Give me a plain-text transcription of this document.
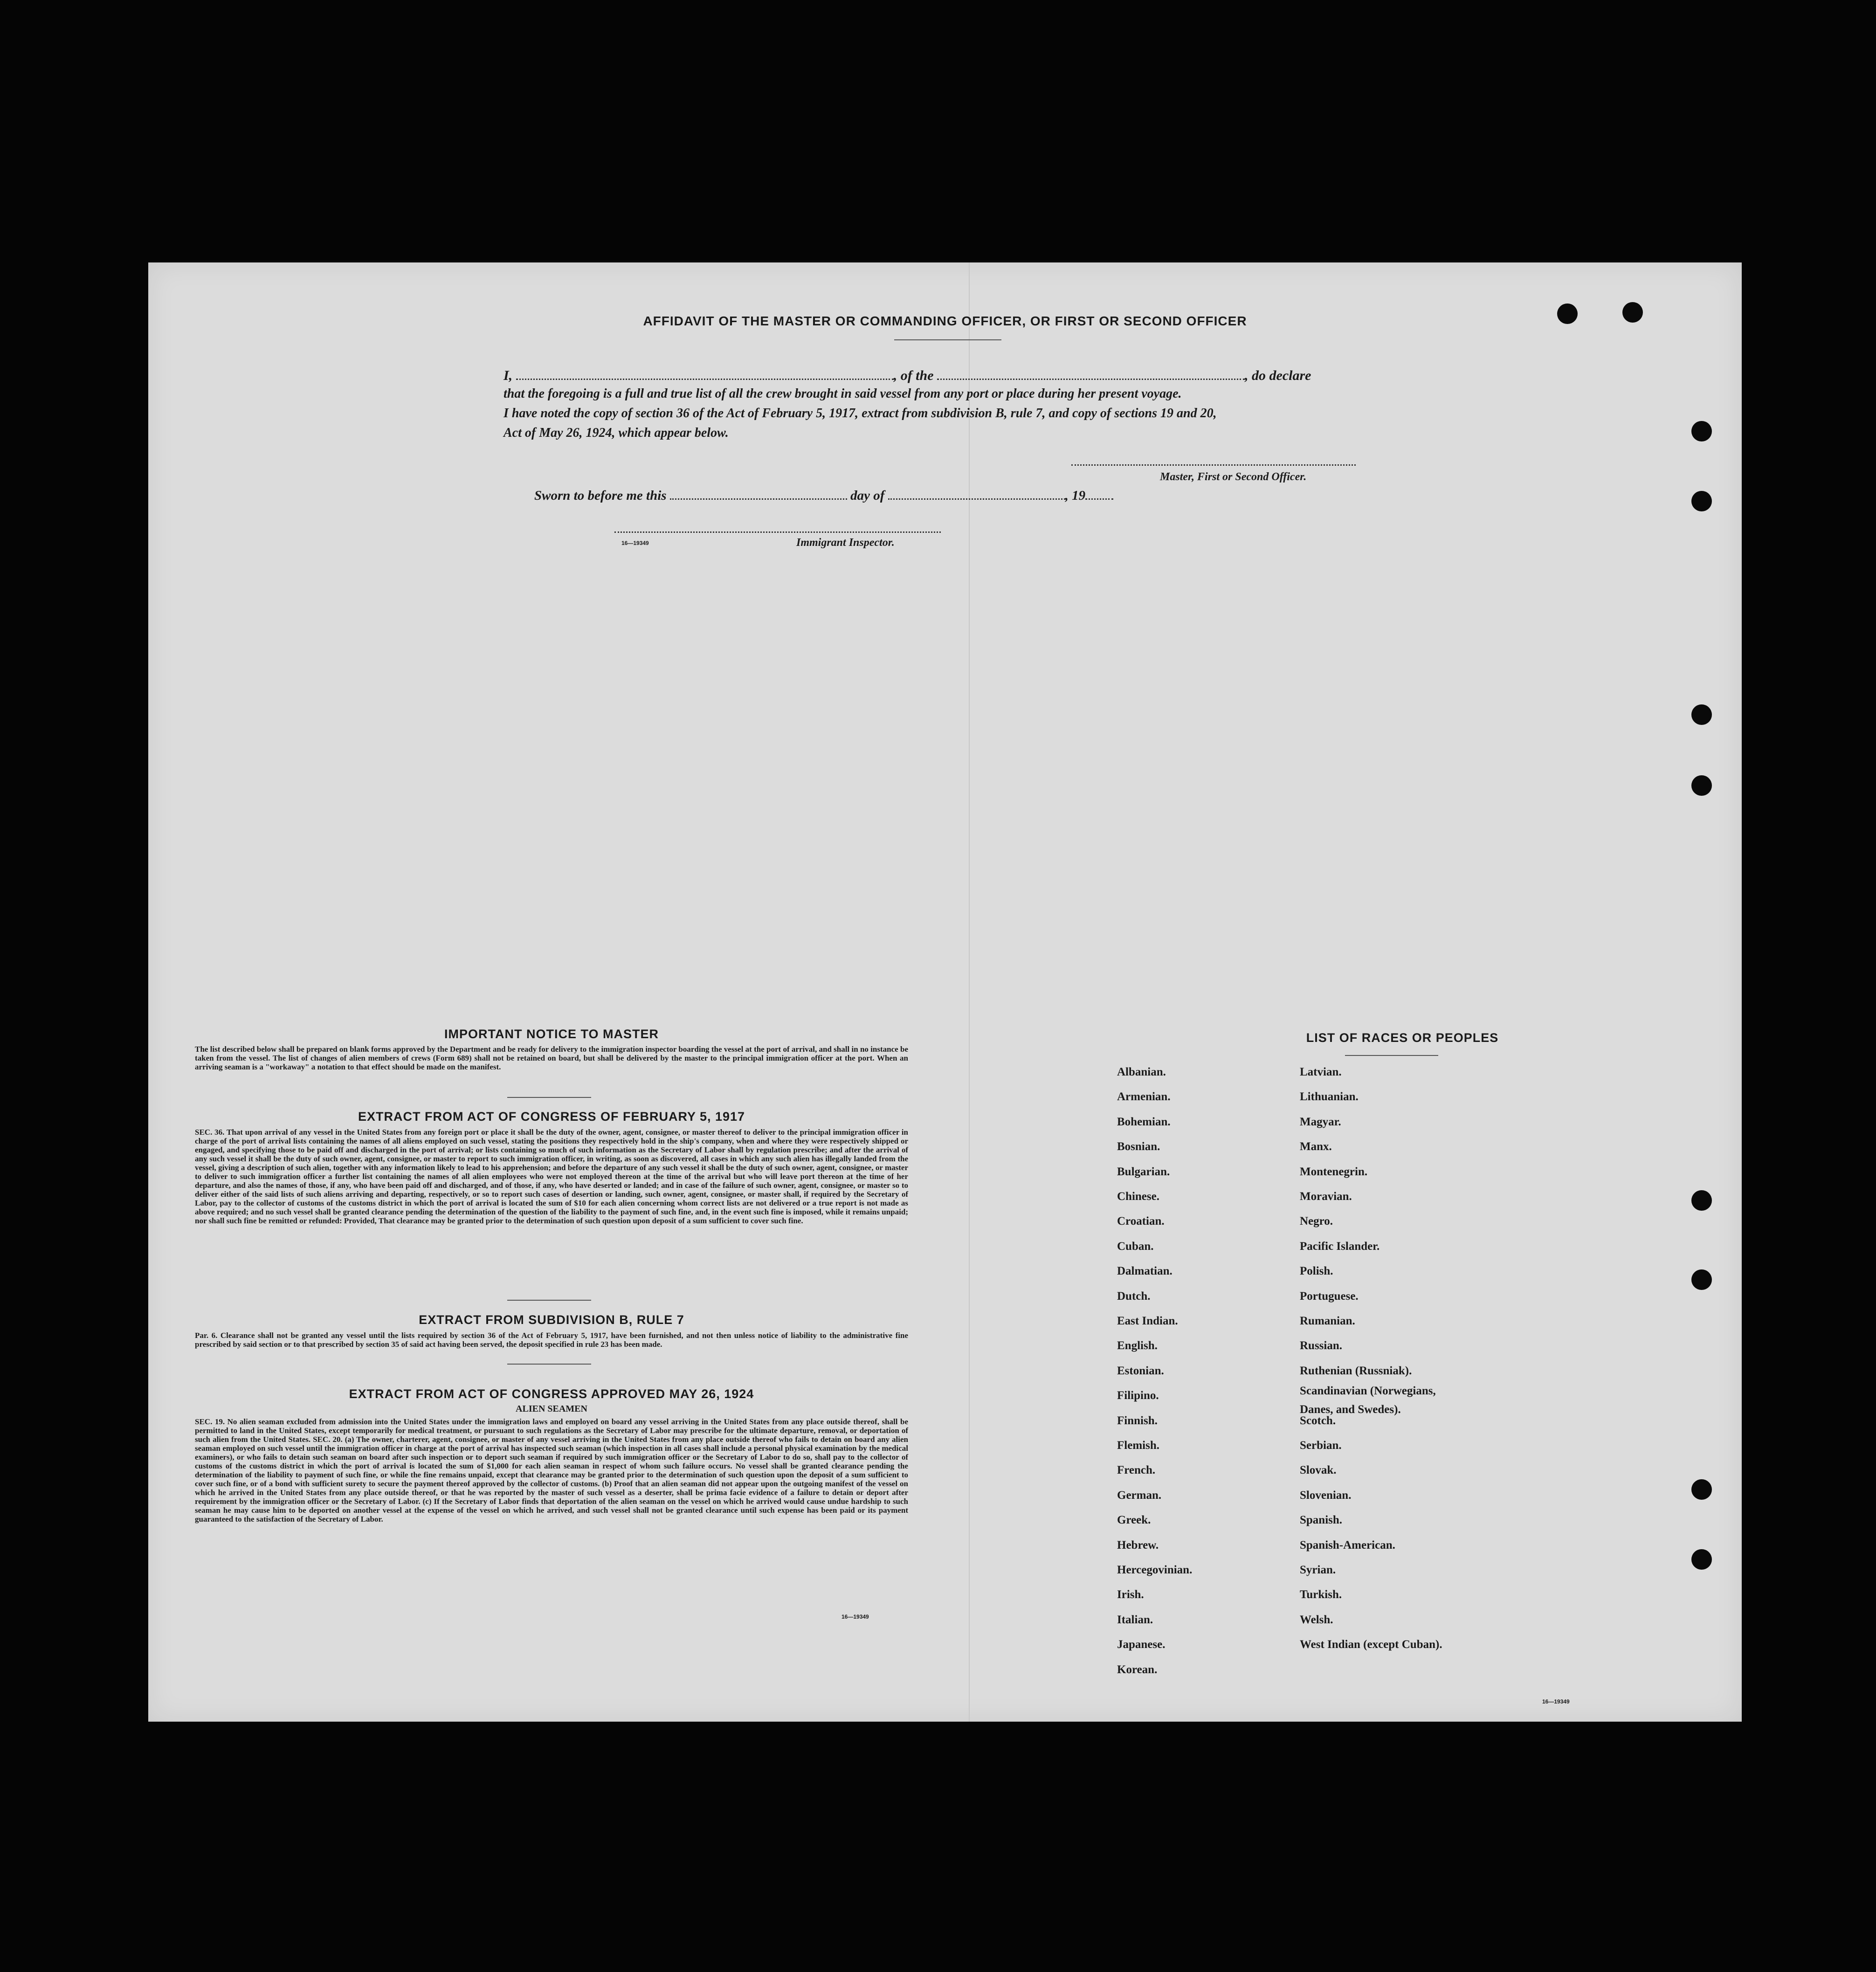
AFFIDAVIT OF THE MASTER OR COMMANDING OFFICER, OR FIRST OR SECOND OFFICER
I,	, of the	, do declare
that the foregoing is a full and true list of all the crew brought in said vessel from any port or place during her present voyage.
I have noted the copy of section 36 of the Act of February 5, 1917, extract from subdivision B, rule 7, and copy of sections 19 and 20,
Act of May 26, 1924, which appear below.
Master, First or Second Officer.
Sworn to before me this	day of	, 19
16—19349	Immigrant Inspector.
IMPORTANT NOTICE TO MASTER
The list described below shall be prepared on blank forms approved by the Department and be ready for delivery to the immigration inspector boarding the vessel at the port of arrival, and shall in no instance be taken from the vessel. The list of changes of alien members of crews (Form 689) shall not be retained on board, but shall be delivered by the master to the principal immigration officer at the port. When an arriving seaman is a "workaway" a notation to that effect should be made on the manifest.
EXTRACT FROM ACT OF CONGRESS OF FEBRUARY 5, 1917
SEC. 36. That upon arrival of any vessel in the United States from any foreign port or place it shall be the duty of the owner, agent, consignee, or master thereof to deliver to the principal immigration officer in charge of the port of arrival lists containing the names of all aliens employed on such vessel, stating the positions they respectively hold in the ship's company, when and where they were respectively shipped or engaged, and specifying those to be paid off and discharged in the port of arrival; or lists containing so much of such information as the Secretary of Labor shall by regulation prescribe; and after the arrival of any such vessel it shall be the duty of such owner, agent, consignee, or master to report to such immigration officer, in writing, as soon as discovered, all cases in which any such alien has illegally landed from the vessel, giving a description of such alien, together with any information likely to lead to his apprehension; and before the departure of any such vessel it shall be the duty of such owner, agent, consignee, or master to deliver to such immigration officer a further list containing the names of all alien employees who were not employed thereon at the time of the arrival but who will leave port thereon at the time of her departure, and also the names of those, if any, who have been paid off and discharged, and of those, if any, who have deserted or landed; and in case of the failure of such owner, agent, consignee, or master so to deliver either of the said lists of such aliens arriving and departing, respectively, or so to report such cases of desertion or landing, such owner, agent, consignee, or master shall, if required by the Secretary of Labor, pay to the collector of customs of the customs district in which the port of arrival is located the sum of $10 for each alien concerning whom correct lists are not delivered or a true report is not made as above required; and no such vessel shall be granted clearance pending the determination of the question of the liability to the payment of such fine, and, in the event such fine is imposed, while it remains unpaid; nor shall such fine be remitted or refunded: Provided, That clearance may be granted prior to the determination of such question upon deposit of a sum sufficient to cover such fine.
EXTRACT FROM SUBDIVISION B, RULE 7
Par. 6. Clearance shall not be granted any vessel until the lists required by section 36 of the Act of February 5, 1917, have been furnished, and not then unless notice of liability to the administrative fine prescribed by said section or to that prescribed by section 35 of said act having been served, the deposit specified in rule 23 has been made.
EXTRACT FROM ACT OF CONGRESS APPROVED MAY 26, 1924
ALIEN SEAMEN
SEC. 19. No alien seaman excluded from admission into the United States under the immigration laws and employed on board any vessel arriving in the United States from any place outside thereof, shall be permitted to land in the United States, except temporarily for medical treatment, or pursuant to such regulations as the Secretary of Labor may prescribe for the ultimate departure, removal, or deportation of such alien from the United States. SEC. 20. (a) The owner, charterer, agent, consignee, or master of any vessel arriving in the United States from any place outside thereof who fails to detain on board any alien seaman employed on such vessel until the immigration officer in charge at the port of arrival has inspected such seaman (which inspection in all cases shall include a personal physical examination by the medical examiners), or who fails to detain such seaman on board after such inspection or to deport such seaman if required by such immigration officer or the Secretary of Labor to do so, shall pay to the collector of customs of the customs district in which the port of arrival is located the sum of $1,000 for each alien seaman in respect of whom such failure occurs. No vessel shall be granted clearance pending the determination of the liability to payment of such fine, or while the fine remains unpaid, except that clearance may be granted prior to the determination of such question upon the deposit of a sum sufficient to cover such fine, or of a bond with sufficient surety to secure the payment thereof approved by the collector of customs. (b) Proof that an alien seaman did not appear upon the outgoing manifest of the vessel on which he arrived in the United States from any place outside thereof, or that he was reported by the master of such vessel as a deserter, shall be prima facie evidence of a failure to detain or deport after requirement by the immigration officer or the Secretary of Labor. (c) If the Secretary of Labor finds that deportation of the alien seaman on the vessel on which he arrived would cause undue hardship to such seaman he may cause him to be deported on another vessel at the expense of the vessel on which he arrived, and such vessel shall not be granted clearance until such expense has been paid or its payment guaranteed to the satisfaction of the Secretary of Labor.
16—19349
LIST OF RACES OR PEOPLES
16—19349
Albanian.
Armenian.
Bohemian.
Bosnian.
Bulgarian.
Chinese.
Croatian.
Cuban.
Dalmatian.
Dutch.
East Indian.
English.
Estonian.
Filipino.
Finnish.
Flemish.
French.
German.
Greek.
Hebrew.
Hercegovinian.
Irish.
Italian.
Japanese.
Korean.
Latvian.
Lithuanian.
Magyar.
Manx.
Montenegrin.
Moravian.
Negro.
Pacific Islander.
Polish.
Portuguese.
Rumanian.
Russian.
Ruthenian (Russniak).
Scandinavian (Norwegians,
Danes, and Swedes).
Scotch.
Serbian.
Slovak.
Slovenian.
Spanish.
Spanish-American.
Syrian.
Turkish.
Welsh.
West Indian (except Cuban).
